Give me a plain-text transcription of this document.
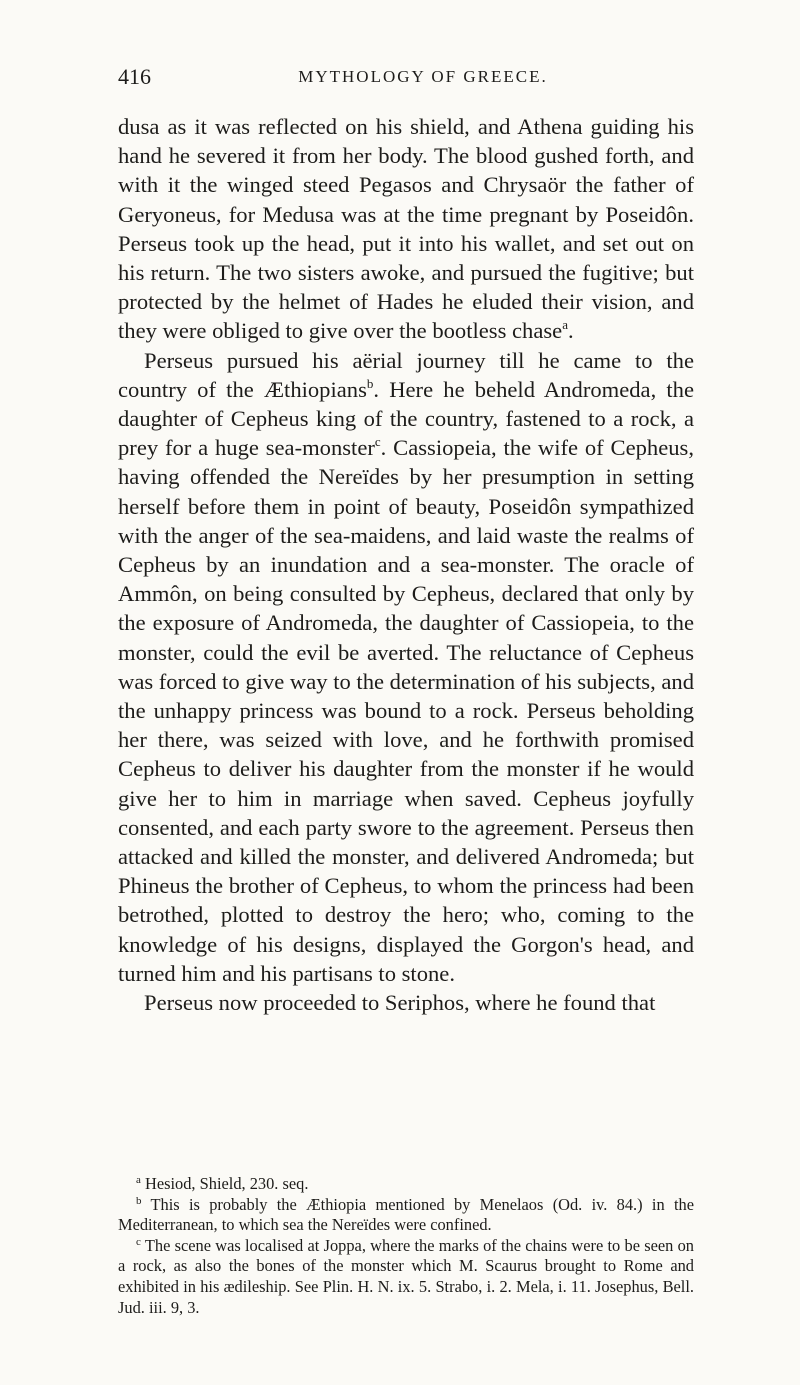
416	MYTHOLOGY OF GREECE.

dusa as it was reflected on his shield, and Athena guiding his hand he severed it from her body. The blood gushed forth, and with it the winged steed Pegasos and Chrysaör the father of Geryoneus, for Medusa was at the time pregnant by Poseidôn. Perseus took up the head, put it into his wallet, and set out on his return. The two sisters awoke, and pursued the fugitive; but protected by the helmet of Hades he eluded their vision, and they were obliged to give over the bootless chase$^a$.

Perseus pursued his aërial journey till he came to the country of the Æthiopians$^b$. Here he beheld Andromeda, the daughter of Cepheus king of the country, fastened to a rock, a prey for a huge sea-monster$^c$. Cassiopeia, the wife of Cepheus, having offended the Nereïdes by her presumption in setting herself before them in point of beauty, Poseidôn sympathized with the anger of the sea-maidens, and laid waste the realms of Cepheus by an inundation and a sea-monster. The oracle of Ammôn, on being consulted by Cepheus, declared that only by the exposure of Andromeda, the daughter of Cassiopeia, to the monster, could the evil be averted. The reluctance of Cepheus was forced to give way to the determination of his subjects, and the unhappy princess was bound to a rock. Perseus beholding her there, was seized with love, and he forthwith promised Cepheus to deliver his daughter from the monster if he would give her to him in marriage when saved. Cepheus joyfully consented, and each party swore to the agreement. Perseus then attacked and killed the monster, and delivered Andromeda; but Phineus the brother of Cepheus, to whom the princess had been betrothed, plotted to destroy the hero; who, coming to the knowledge of his designs, displayed the Gorgon's head, and turned him and his partisans to stone.

Perseus now proceeded to Seriphos, where he found that

$^a$ Hesiod, Shield, 230. seq.

$^b$ This is probably the Æthiopia mentioned by Menelaos (Od. iv. 84.) in the Mediterranean, to which sea the Nereïdes were confined.

$^c$ The scene was localised at Joppa, where the marks of the chains were to be seen on a rock, as also the bones of the monster which M. Scaurus brought to Rome and exhibited in his ædileship. See Plin. H. N. ix. 5. Strabo, i. 2. Mela, i. 11. Josephus, Bell. Jud. iii. 9, 3.
